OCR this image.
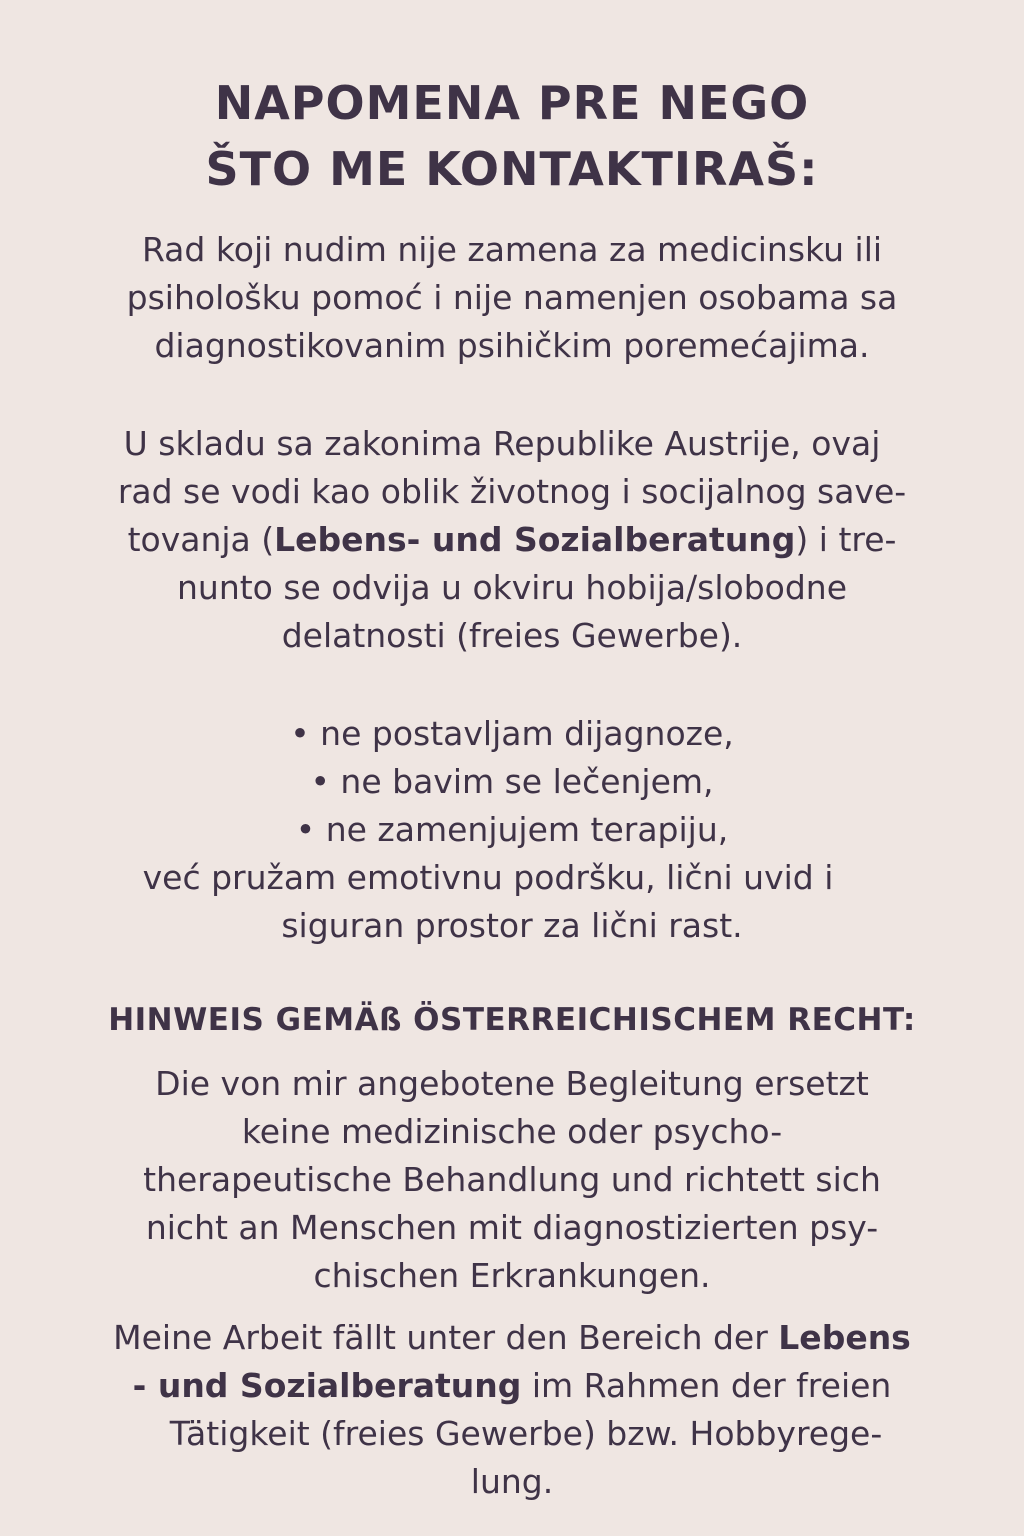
NAPOMENA PRE NEGO
ŠTO ME KONTAKTIRAŠ:
Rad koji nudim nije zamena za medicinsku ili
psihološku pomoć i nije namenjen osobama sa
diagnostikovanim psihičkim poremećajima.
U skladu sa zakonima Republike Austrije, ovaj
rad se vodi kao oblik životnog i socijalnog save-
tovanja (Lebens- und Sozialberatung) i tre-
nunto se odvija u okviru hobija/slobodne
delatnosti (freies Gewerbe).
• ne postavljam dijagnoze,
• ne bavim se lečenjem,
• ne zamenjujem terapiju,
već pružam emotivnu podršku, lični uvid i
siguran prostor za lični rast.
HINWEIS GEMÄß ÖSTERREICHISCHEM RECHT:
Die von mir angebotene Begleitung ersetzt
keine medizinische oder psycho-
therapeutische Behandlung und richtett sich
nicht an Menschen mit diagnostizierten psy-
chischen Erkrankungen.
Meine Arbeit fällt unter den Bereich der Lebens
- und Sozialberatung im Rahmen der freien
Tätigkeit (freies Gewerbe) bzw. Hobbyrege-
lung.
